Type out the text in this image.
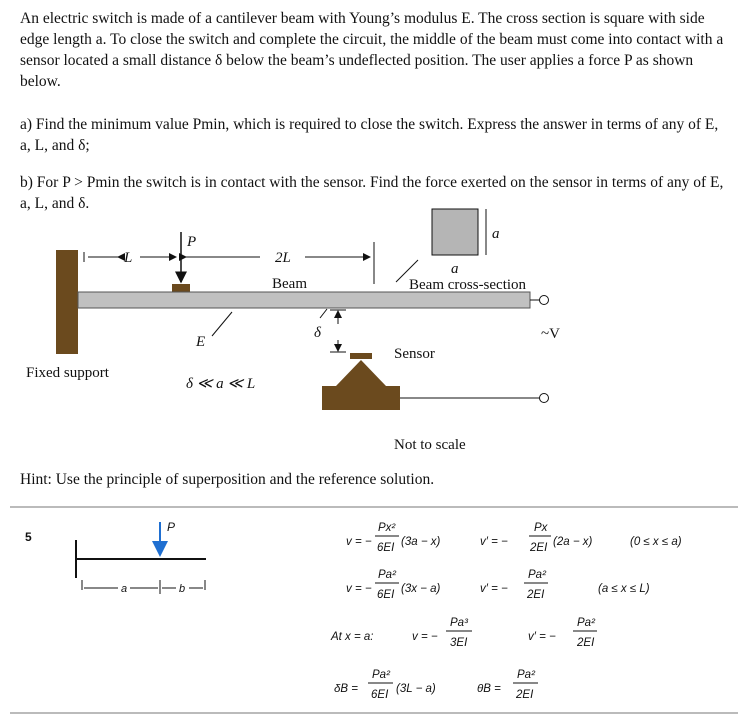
An electric switch is made of a cantilever beam with Young’s modulus E. The cross section is square with side edge length a. To close the switch and complete the circuit, the middle of the beam must come into contact with a sensor located a small distance δ below the beam’s undeflected position. The user applies a force P as shown below.

a) Find the minimum value Pmin, which is required to close the switch. Express the answer in terms of any of E, a, L, and δ;

b) For P > Pmin the switch is in contact with the sensor. Find the force exerted on the sensor in terms of any of E, a, L, and δ.

L	2L
P
Beam
E
δ
Fixed support
δ ≪ a ≪ L
a
a
Beam cross-section
~V
Sensor
Not to scale
P
a	b
v = −
Px²
6EI (3a − x)	v′ = −
Px
2EI (2a − x)	(0 ≤ x ≤ a)
v = −
Pa²
6EI (3x − a)	v′ = −
Pa²
2EI	(a ≤ x ≤ L)
At x = a:	v = −
Pa³
3EI	v′ = −
Pa²
2EI
δB =
Pa²
6EI (3L − a)	θB =
Pa²
2EI
Hint: Use the principle of superposition and the reference solution.
5
